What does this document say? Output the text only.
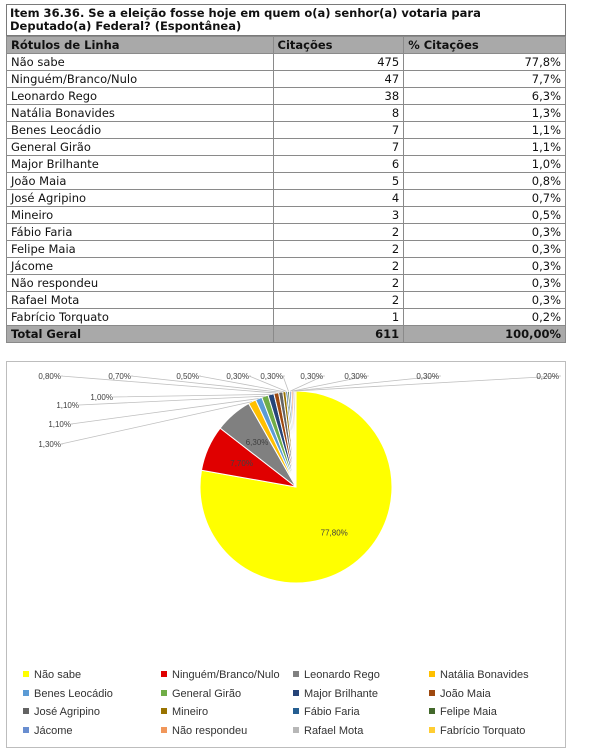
Item 36.36. Se a eleição fosse hoje em quem o(a) senhor(a) votaria para Deputado(a) Federal? (Espontânea)
Rótulos de Linha	Citações	% Citações
Não sabe	475	77,8%
Ninguém/Branco/Nulo	47	7,7%
Leonardo Rego	38	6,3%
Natália Bonavides	8	1,3%
Benes Leocádio	7	1,1%
General Girão	7	1,1%
Major Brilhante	6	1,0%
João Maia	5	0,8%
José Agripino	4	0,7%
Mineiro	3	0,5%
Fábio Faria	2	0,3%
Felipe Maia	2	0,3%
Jácome	2	0,3%
Não respondeu	2	0,3%
Rafael Mota	2	0,3%
Fabrício Torquato	1	0,2%
Total Geral	611	100,00%
77,80%
7,70%
6,30%
1,30%
1,10%
1,10%
1,00%
0,80%	0,70%	0,50%	0,30% 0,30% 0,30%	0,30%	0,30%	0,20%
Não sabe	Ninguém/Branco/Nulo	Leonardo Rego	Natália Bonavides
Benes Leocádio	General Girão	Major Brilhante	João Maia
José Agripino	Mineiro	Fábio Faria	Felipe Maia
Jácome	Não respondeu	Rafael Mota	Fabrício Torquato
